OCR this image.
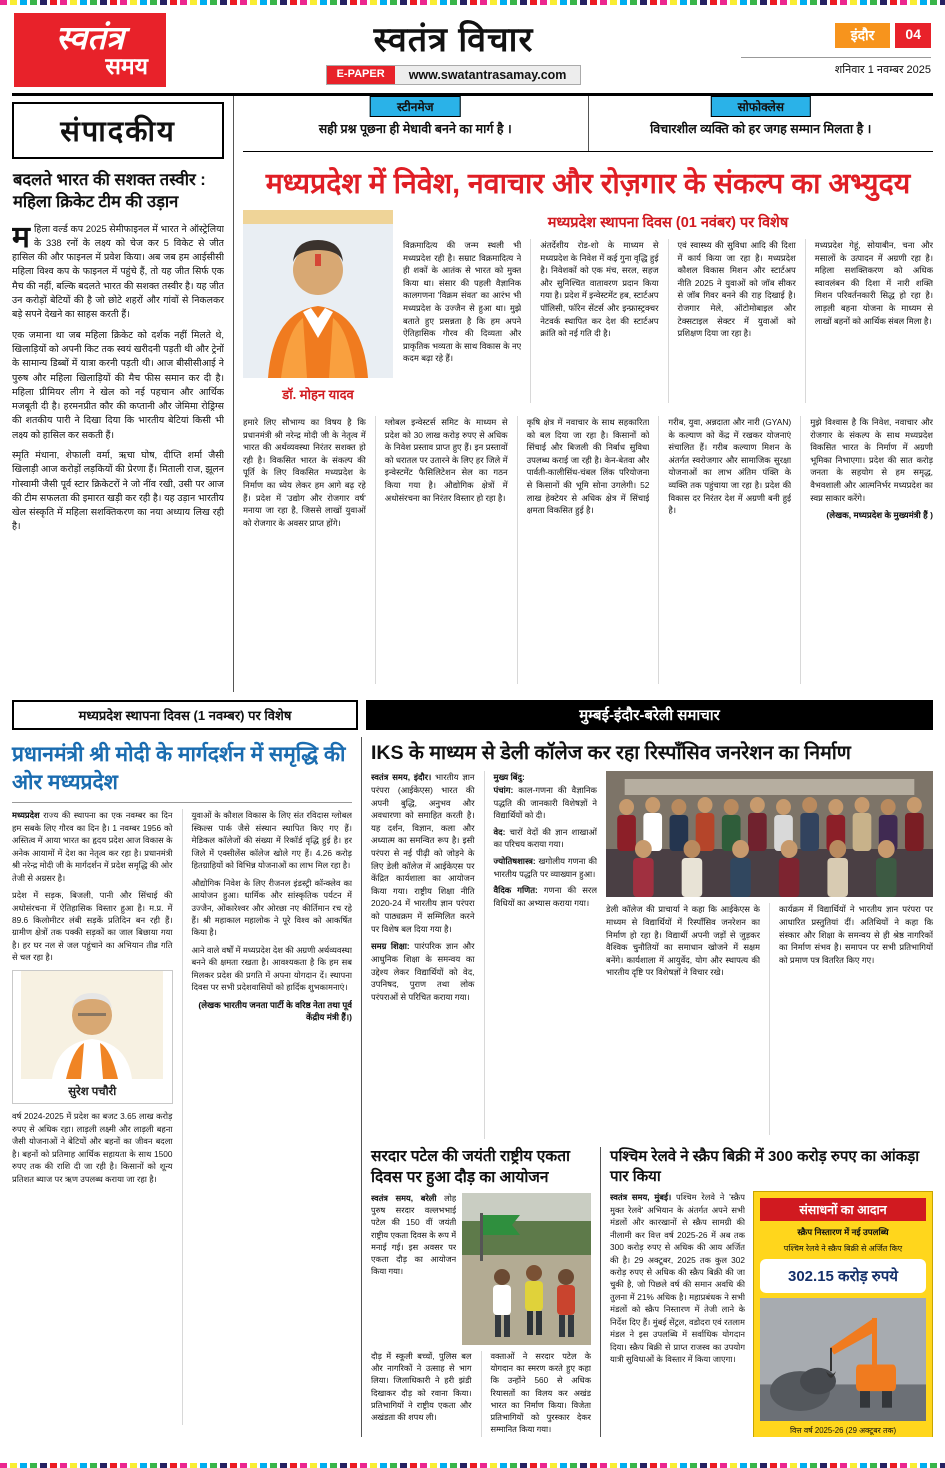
स्वतंत्र
समय
स्वतंत्र विचार
E-PAPER	www.swatantrasamay.com
इंदौर	04
शनिवार 1 नवम्बर 2025
संपादकीय
बदलते भारत की सशक्त तस्वीर : महिला क्रिकेट टीम की उड़ान

महिला वर्ल्ड कप 2025 सेमीफाइनल में भारत ने ऑस्ट्रेलिया के 338 रनों के लक्ष्य को चेज कर 5 विकेट से जीत हासिल की और फाइनल में प्रवेश किया। अब जब हम आईसीसी महिला विश्व कप के फाइनल में पहुंचे हैं, तो यह जीत सिर्फ एक मैच की नहीं, बल्कि बदलते भारत की सशक्त तस्वीर है। यह जीत उन करोड़ों बेटियों की है जो छोटे शहरों और गांवों से निकलकर बड़े सपने देखने का साहस करती हैं।

एक जमाना था जब महिला क्रिकेट को दर्शक नहीं मिलते थे, खिलाड़ियों को अपनी किट तक स्वयं खरीदनी पड़ती थी और ट्रेनों के सामान्य डिब्बों में यात्रा करनी पड़ती थी। आज बीसीसीआई ने पुरुष और महिला खिलाड़ियों की मैच फीस समान कर दी है। महिला प्रीमियर लीग ने खेल को नई पहचान और आर्थिक मजबूती दी है। हरमनप्रीत कौर की कप्तानी और जेमिमा रोड्रिग्स की शतकीय पारी ने दिखा दिया कि भारतीय बेटियां किसी भी लक्ष्य को हासिल कर सकती हैं।

स्मृति मंधाना, शेफाली वर्मा, ऋचा घोष, दीप्ति शर्मा जैसी खिलाड़ी आज करोड़ों लड़कियों की प्रेरणा हैं। मिताली राज, झूलन गोस्वामी जैसी पूर्व स्टार क्रिकेटरों ने जो नींव रखी, उसी पर आज की टीम सफलता की इमारत खड़ी कर रही है। यह उड़ान भारतीय खेल संस्कृति में महिला सशक्तिकरण का नया अध्याय लिख रही है।

स्टीनमेज
सही प्रश्न पूछना ही मेधावी बनने का मार्ग है ।
सोफोक्लेस
विचारशील व्यक्ति को हर जगह सम्मान मिलता है ।
मध्यप्रदेश में निवेश, नवाचार और रोज़गार के संकल्प का अभ्युदय
डॉ. मोहन यादव
मध्यप्रदेश स्थापना दिवस (01 नवंबर) पर विशेष
विक्रमादित्य की जन्म स्थली भी मध्यप्रदेश रही है। सम्राट विक्रमादित्य ने ही शकों के आतंक से भारत को मुक्त किया था। संसार की पहली वैज्ञानिक कालगणना 'विक्रम संवत' का आरंभ भी मध्यप्रदेश के उज्जैन से हुआ था। मुझे बताते हुए प्रसन्नता है कि हम अपने ऐतिहासिक गौरव की दिव्यता और प्राकृतिक भव्यता के साथ विकास के नए कदम बढ़ा रहे हैं।
अंतर्देशीय रोड-शो के माध्यम से मध्यप्रदेश के निवेश में कई गुना वृद्धि हुई है। निवेशकों को एक मंच, सरल, सहज और सुनिश्चित वातावरण प्रदान किया गया है। प्रदेश में इन्वेस्टमेंट हब, स्टार्टअप पॉलिसी, फॉरेन सेंटर्स और इन्फ्रास्ट्रक्चर नेटवर्क स्थापित कर देश की स्टार्टअप क्रांति को नई गति दी है।
एवं स्वास्थ्य की सुविधा आदि की दिशा में कार्य किया जा रहा है। मध्यप्रदेश कौशल विकास मिशन और स्टार्टअप नीति 2025 ने युवाओं को जॉब सीकर से जॉब गिवर बनने की राह दिखाई है। रोजगार मेले, ऑटोमोबाइल और टेक्सटाइल सेक्टर में युवाओं को प्रशिक्षण दिया जा रहा है।
मध्यप्रदेश गेहूं, सोयाबीन, चना और मसालों के उत्पादन में अग्रणी रहा है। महिला सशक्तिकरण को अधिक स्वावलंबन की दिशा में नारी शक्ति मिशन परिवर्तनकारी सिद्ध हो रहा है। लाड़ली बहना योजना के माध्यम से लाखों बहनों को आर्थिक संबल मिला है।
हमारे लिए सौभाग्य का विषय है कि प्रधानमंत्री श्री नरेन्द्र मोदी जी के नेतृत्व में भारत की अर्थव्यवस्था निरंतर सशक्त हो रही है। विकसित भारत के संकल्प की पूर्ति के लिए विकसित मध्यप्रदेश के निर्माण का ध्येय लेकर हम आगे बढ़ रहे हैं। प्रदेश में 'उद्योग और रोजगार वर्ष' मनाया जा रहा है, जिससे लाखों युवाओं को रोजगार के अवसर प्राप्त होंगे।
ग्लोबल इन्वेस्टर्स समिट के माध्यम से प्रदेश को 30 लाख करोड़ रुपए से अधिक के निवेश प्रस्ताव प्राप्त हुए हैं। इन प्रस्तावों को धरातल पर उतारने के लिए हर जिले में इन्वेस्टमेंट फैसिलिटेशन सेल का गठन किया गया है। औद्योगिक क्षेत्रों में अधोसंरचना का निरंतर विस्तार हो रहा है।
कृषि क्षेत्र में नवाचार के साथ सहकारिता को बल दिया जा रहा है। किसानों को सिंचाई और बिजली की निर्बाध सुविधा उपलब्ध कराई जा रही है। केन-बेतवा और पार्वती-कालीसिंध-चंबल लिंक परियोजना से किसानों की भूमि सोना उगलेगी। 52 लाख हेक्टेयर से अधिक क्षेत्र में सिंचाई क्षमता विकसित हुई है।
गरीब, युवा, अन्नदाता और नारी (GYAN) के कल्याण को केंद्र में रखकर योजनाएं संचालित हैं। गरीब कल्याण मिशन के अंतर्गत स्वरोजगार और सामाजिक सुरक्षा योजनाओं का लाभ अंतिम पंक्ति के व्यक्ति तक पहुंचाया जा रहा है। प्रदेश की विकास दर निरंतर देश में अग्रणी बनी हुई है।
मुझे विश्वास है कि निवेश, नवाचार और रोजगार के संकल्प के साथ मध्यप्रदेश विकसित भारत के निर्माण में अग्रणी भूमिका निभाएगा। प्रदेश की सात करोड़ जनता के सहयोग से हम समृद्ध, वैभवशाली और आत्मनिर्भर मध्यप्रदेश का स्वप्न साकार करेंगे।
(लेखक, मध्यप्रदेश के मुख्यमंत्री हैं )
मध्यप्रदेश स्थापना दिवस (1 नवम्बर) पर विशेष	मुम्बई-इंदौर-बरेली समाचार
प्रधानमंत्री श्री मोदी के मार्गदर्शन में समृद्धि की ओर मध्यप्रदेश

मध्यप्रदेश राज्य की स्थापना का एक नवम्बर का दिन हम सबके लिए गौरव का दिन है। 1 नवम्बर 1956 को अस्तित्व में आया भारत का हृदय प्रदेश आज विकास के अनेक आयामों में देश का नेतृत्व कर रहा है। प्रधानमंत्री श्री नरेन्द्र मोदी जी के मार्गदर्शन में प्रदेश समृद्धि की ओर तेजी से अग्रसर है।

प्रदेश में सड़क, बिजली, पानी और सिंचाई की अधोसंरचना में ऐतिहासिक विस्तार हुआ है। म.प्र. में 89.6 किलोमीटर लंबी सड़कें प्रतिदिन बन रही हैं। ग्रामीण क्षेत्रों तक पक्की सड़कों का जाल बिछाया गया है। हर घर नल से जल पहुंचाने का अभियान तीव्र गति से चल रहा है।

सुरेश पचौरी

वर्ष 2024-2025 में प्रदेश का बजट 3.65 लाख करोड़ रुपए से अधिक रहा। लाड़ली लक्ष्मी और लाड़ली बहना जैसी योजनाओं ने बेटियों और बहनों का जीवन बदला है। बहनों को प्रतिमाह आर्थिक सहायता के साथ 1500 रुपए तक की राशि दी जा रही है। किसानों को शून्य प्रतिशत ब्याज पर ऋण उपलब्ध कराया जा रहा है।

युवाओं के कौशल विकास के लिए संत रविदास ग्लोबल स्किल्स पार्क जैसे संस्थान स्थापित किए गए हैं। मेडिकल कॉलेजों की संख्या में रिकॉर्ड वृद्धि हुई है। हर जिले में एक्सीलेंस कॉलेज खोले गए हैं। 4.26 करोड़ हितग्राहियों को विभिन्न योजनाओं का लाभ मिल रहा है।

औद्योगिक निवेश के लिए रीजनल इंडस्ट्री कॉन्क्लेव का आयोजन हुआ। धार्मिक और सांस्कृतिक पर्यटन में उज्जैन, ओंकारेश्वर और ओरछा नए कीर्तिमान रच रहे हैं। श्री महाकाल महालोक ने पूरे विश्व को आकर्षित किया है।

आने वाले वर्षों में मध्यप्रदेश देश की अग्रणी अर्थव्यवस्था बनने की क्षमता रखता है। आवश्यकता है कि हम सब मिलकर प्रदेश की प्रगति में अपना योगदान दें। स्थापना दिवस पर सभी प्रदेशवासियों को हार्दिक शुभकामनाएं।

(लेखक भारतीय जनता पार्टी के वरिष्ठ नेता तथा पूर्व केंद्रीय मंत्री हैं।)
IKS के माध्यम से डेली कॉलेज कर रहा रिस्पॉंसिव जनरेशन का निर्माण
स्वतंत्र समय, इंदौर। भारतीय ज्ञान परंपरा (आईकेएस) भारत की अपनी बुद्धि, अनुभव और अवधारणा को समाहित करती है। यह दर्शन, विज्ञान, कला और अध्यात्म का समन्वित रूप है। इसी परंपरा से नई पीढ़ी को जोड़ने के लिए डेली कॉलेज में आईकेएस पर केंद्रित कार्यशाला का आयोजन किया गया। राष्ट्रीय शिक्षा नीति 2020-24 में भारतीय ज्ञान परंपरा को पाठ्यक्रम में सम्मिलित करने पर विशेष बल दिया गया है।

समग्र शिक्षा: पारंपरिक ज्ञान और आधुनिक शिक्षा के समन्वय का उद्देश्य लेकर विद्यार्थियों को वेद, उपनिषद, पुराण तथा लोक परंपराओं से परिचित कराया गया।

मुख्य बिंदु:

पंचांग: काल-गणना की वैज्ञानिक पद्धति की जानकारी विशेषज्ञों ने विद्यार्थियों को दी।

वेद: चारों वेदों की ज्ञान शाखाओं का परिचय कराया गया।

ज्योतिषशास्त्र: खगोलीय गणना की भारतीय पद्धति पर व्याख्यान हुआ।

वैदिक गणित: गणना की सरल विधियों का अभ्यास कराया गया।

डेली कॉलेज की प्राचार्या ने कहा कि आईकेएस के माध्यम से विद्यार्थियों में रिस्पॉंसिव जनरेशन का निर्माण हो रहा है। विद्यार्थी अपनी जड़ों से जुड़कर वैश्विक चुनौतियों का समाधान खोजने में सक्षम बनेंगे। कार्यशाला में आयुर्वेद, योग और स्थापत्य की भारतीय दृष्टि पर विशेषज्ञों ने विचार रखे।
कार्यक्रम में विद्यार्थियों ने भारतीय ज्ञान परंपरा पर आधारित प्रस्तुतियां दीं। अतिथियों ने कहा कि संस्कार और शिक्षा के समन्वय से ही श्रेष्ठ नागरिकों का निर्माण संभव है। समापन पर सभी प्रतिभागियों को प्रमाण पत्र वितरित किए गए।
सरदार पटेल की जयंती राष्ट्रीय एकता दिवस पर हुआ दौड़ का आयोजन
स्वतंत्र समय, बरेली लोह पुरुष सरदार वल्लभभाई पटेल की 150 वीं जयंती राष्ट्रीय एकता दिवस के रूप में मनाई गई। इस अवसर पर एकता दौड़ का आयोजन किया गया।
दौड़ में स्कूली बच्चों, पुलिस बल और नागरिकों ने उत्साह से भाग लिया। जिलाधिकारी ने हरी झंडी दिखाकर दौड़ को रवाना किया। प्रतिभागियों ने राष्ट्रीय एकता और अखंडता की शपथ ली।
वक्ताओं ने सरदार पटेल के योगदान का स्मरण करते हुए कहा कि उन्होंने 560 से अधिक रियासतों का विलय कर अखंड भारत का निर्माण किया। विजेता प्रतिभागियों को पुरस्कार देकर सम्मानित किया गया।
पश्चिम रेलवे ने स्क्रैप बिक्री में 300 करोड़ रुपए का आंकड़ा पार किया
स्वतंत्र समय, मुंबई। पश्चिम रेलवे ने 'स्क्रैप मुक्त रेलवे' अभियान के अंतर्गत अपने सभी मंडलों और कारखानों से स्क्रैप सामग्री की नीलामी कर वित्त वर्ष 2025-26 में अब तक 300 करोड़ रुपए से अधिक की आय अर्जित की है। 29 अक्टूबर, 2025 तक कुल 302 करोड़ रुपए से अधिक की स्क्रैप बिक्री की जा चुकी है, जो पिछले वर्ष की समान अवधि की तुलना में 21% अधिक है। महाप्रबंधक ने सभी मंडलों को स्क्रैप निस्तारण में तेजी लाने के निर्देश दिए हैं। मुंबई सेंट्रल, वडोदरा एवं रतलाम मंडल ने इस उपलब्धि में सर्वाधिक योगदान दिया। स्क्रैप बिक्री से प्राप्त राजस्व का उपयोग यात्री सुविधाओं के विस्तार में किया जाएगा।
संसाधनों का आदान
स्क्रैप निस्तारण में नई उपलब्धि
पश्चिम रेलवे ने स्क्रैप बिक्री से अर्जित किए
302.15 करोड़ रुपये
वित्त वर्ष 2025-26 (29 अक्टूबर तक)
